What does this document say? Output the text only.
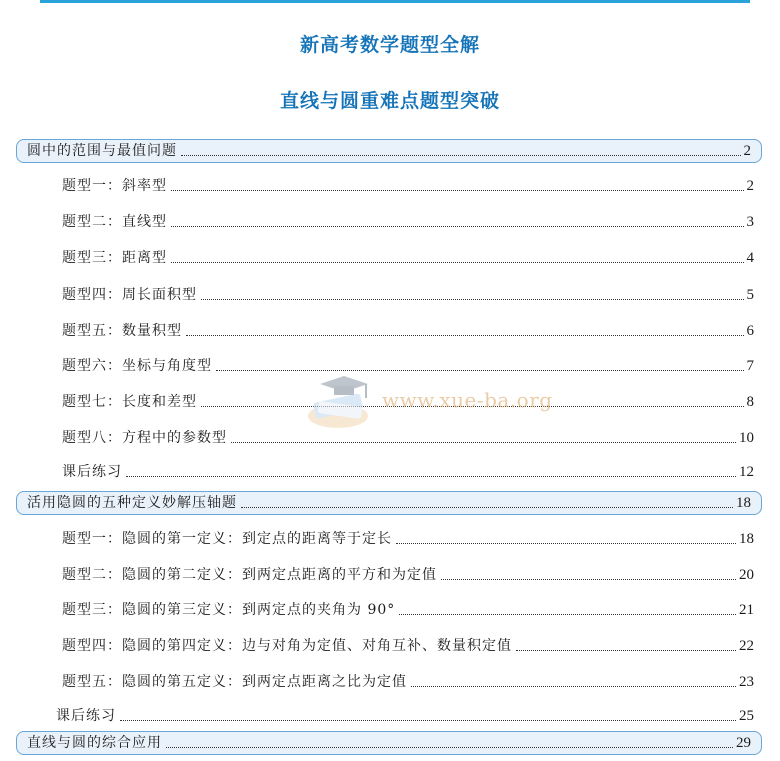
新高考数学题型全解
直线与圆重难点题型突破
圆中的范围与最值问题	2
题型一：斜率型	2
题型二：直线型	3
题型三：距离型	4
题型四：周长面积型	5
题型五：数量积型	6
题型六：坐标与角度型	7
题型七：长度和差型	8
题型八：方程中的参数型	10
课后练习	12
活用隐圆的五种定义妙解压轴题	18
题型一：隐圆的第一定义：到定点的距离等于定长	18
题型二：隐圆的第二定义：到两定点距离的平方和为定值	20
题型三：隐圆的第三定义：到两定点的夹角为 90°	21
题型四：隐圆的第四定义：边与对角为定值、对角互补、数量积定值	22
题型五：隐圆的第五定义：到两定点距离之比为定值	23
课后练习	25
直线与圆的综合应用	29
www.xue-ba.org
